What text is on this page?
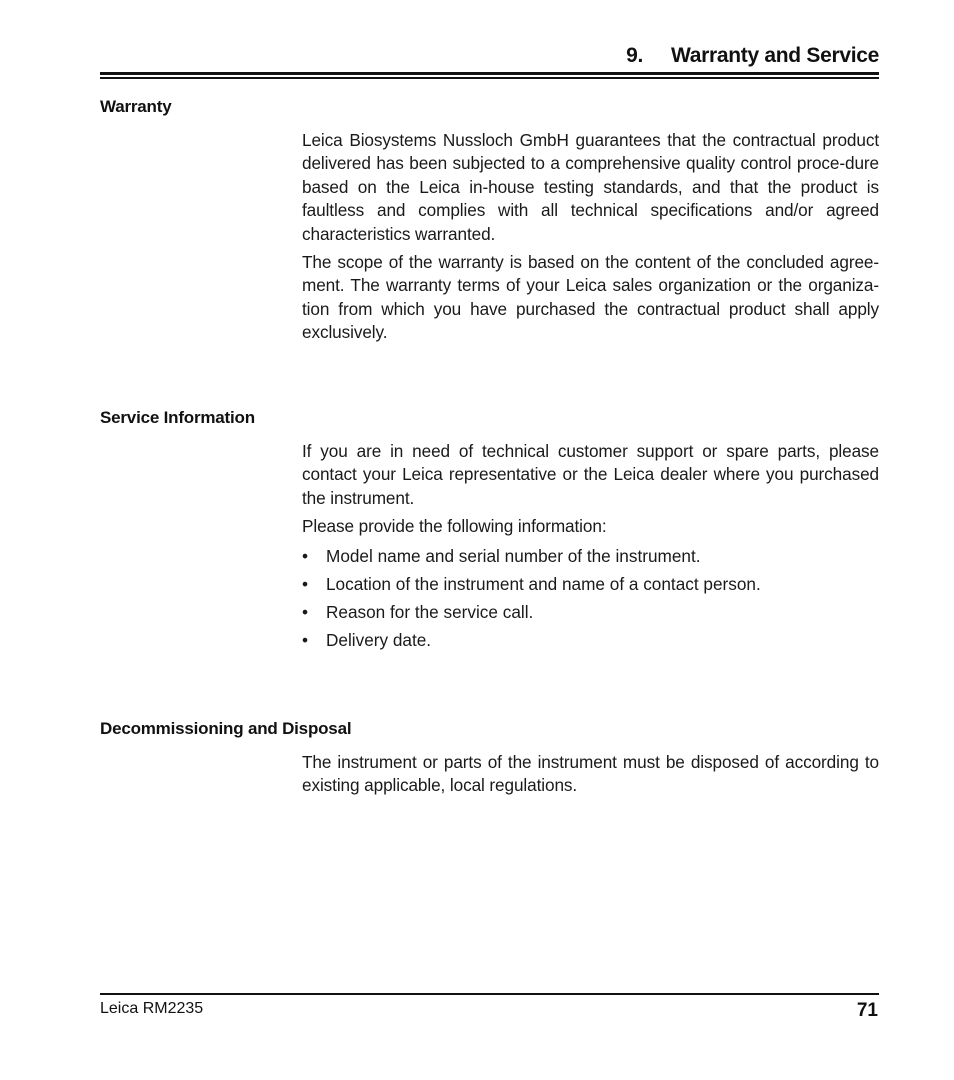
9. Warranty and Service
Warranty

Leica Biosystems Nussloch GmbH guarantees that the contractual product delivered has been subjected to a comprehensive quality control proce-dure based on the Leica in-house testing standards, and that the product is faultless and complies with all technical specifications and/or agreed characteristics warranted.

The scope of the warranty is based on the content of the concluded agree-ment. The warranty terms of your Leica sales organization or the organiza-tion from which you have purchased the contractual product shall apply exclusively.

Service Information

If you are in need of technical customer support or spare parts, please contact your Leica representative or the Leica dealer where you purchased the instrument.

Please provide the following information:

• Model name and serial number of the instrument.
• Location of the instrument and name of a contact person.
• Reason for the service call.
• Delivery date.
Decommissioning and Disposal

The instrument or parts of the instrument must be disposed of according to existing applicable, local regulations.

Leica RM2235	71
